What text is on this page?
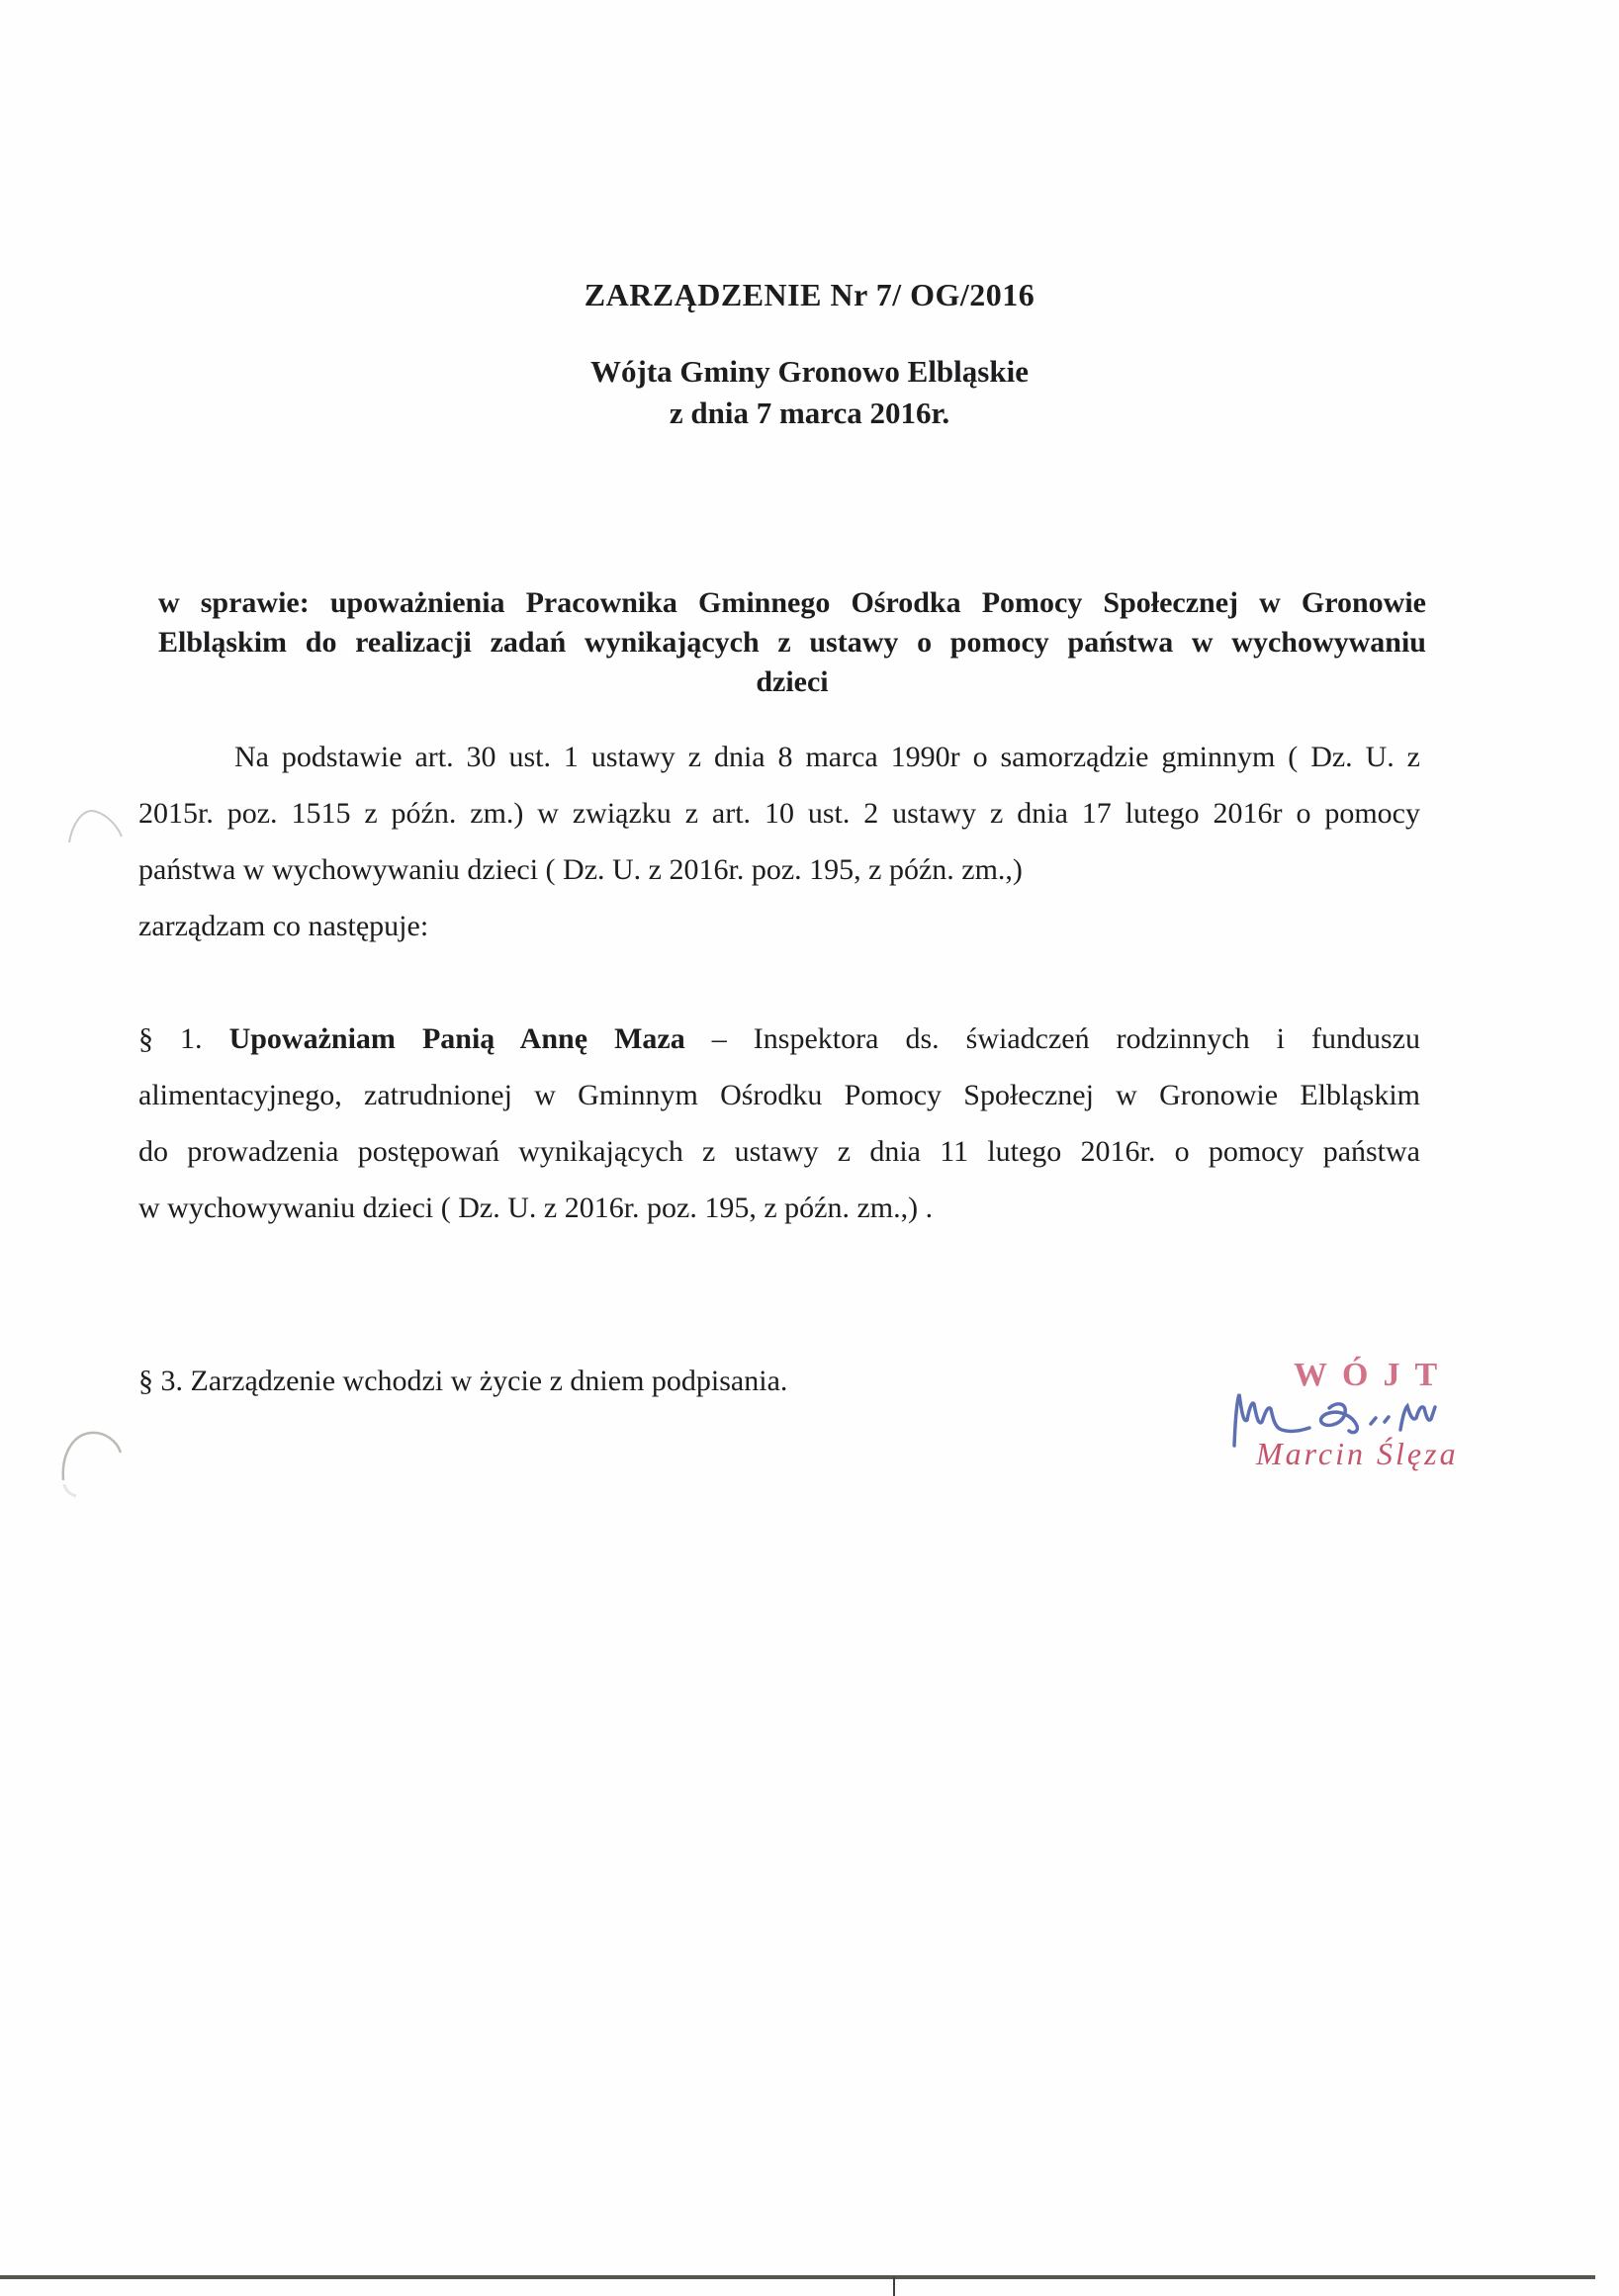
ZARZĄDZENIE Nr 7/ OG/2016
Wójta Gminy Gronowo Elbląskie
z dnia 7 marca 2016r.
w sprawie: upoważnienia Pracownika Gminnego Ośrodka Pomocy Społecznej w Gronowie
Elbląskim do realizacji zadań wynikających z ustawy o pomocy państwa w wychowywaniu
dzieci
Na podstawie art. 30 ust. 1 ustawy z dnia 8 marca 1990r o samorządzie gminnym ( Dz. U. z
2015r. poz. 1515 z późn. zm.) w związku z art. 10 ust. 2 ustawy z dnia 17 lutego 2016r o pomocy
państwa w wychowywaniu dzieci ( Dz. U. z 2016r. poz. 195, z późn. zm.,)
zarządzam co następuje:
§ 1. Upoważniam Panią Annę Maza – Inspektora ds. świadczeń rodzinnych i funduszu
alimentacyjnego, zatrudnionej w Gminnym Ośrodku Pomocy Społecznej w Gronowie Elbląskim
do prowadzenia postępowań wynikających z ustawy z dnia 11 lutego 2016r. o pomocy państwa
w wychowywaniu dzieci ( Dz. U. z 2016r. poz. 195, z późn. zm.,) .
§ 3. Zarządzenie wchodzi w życie z dniem podpisania.	WÓJT
Marcin Ślęza
